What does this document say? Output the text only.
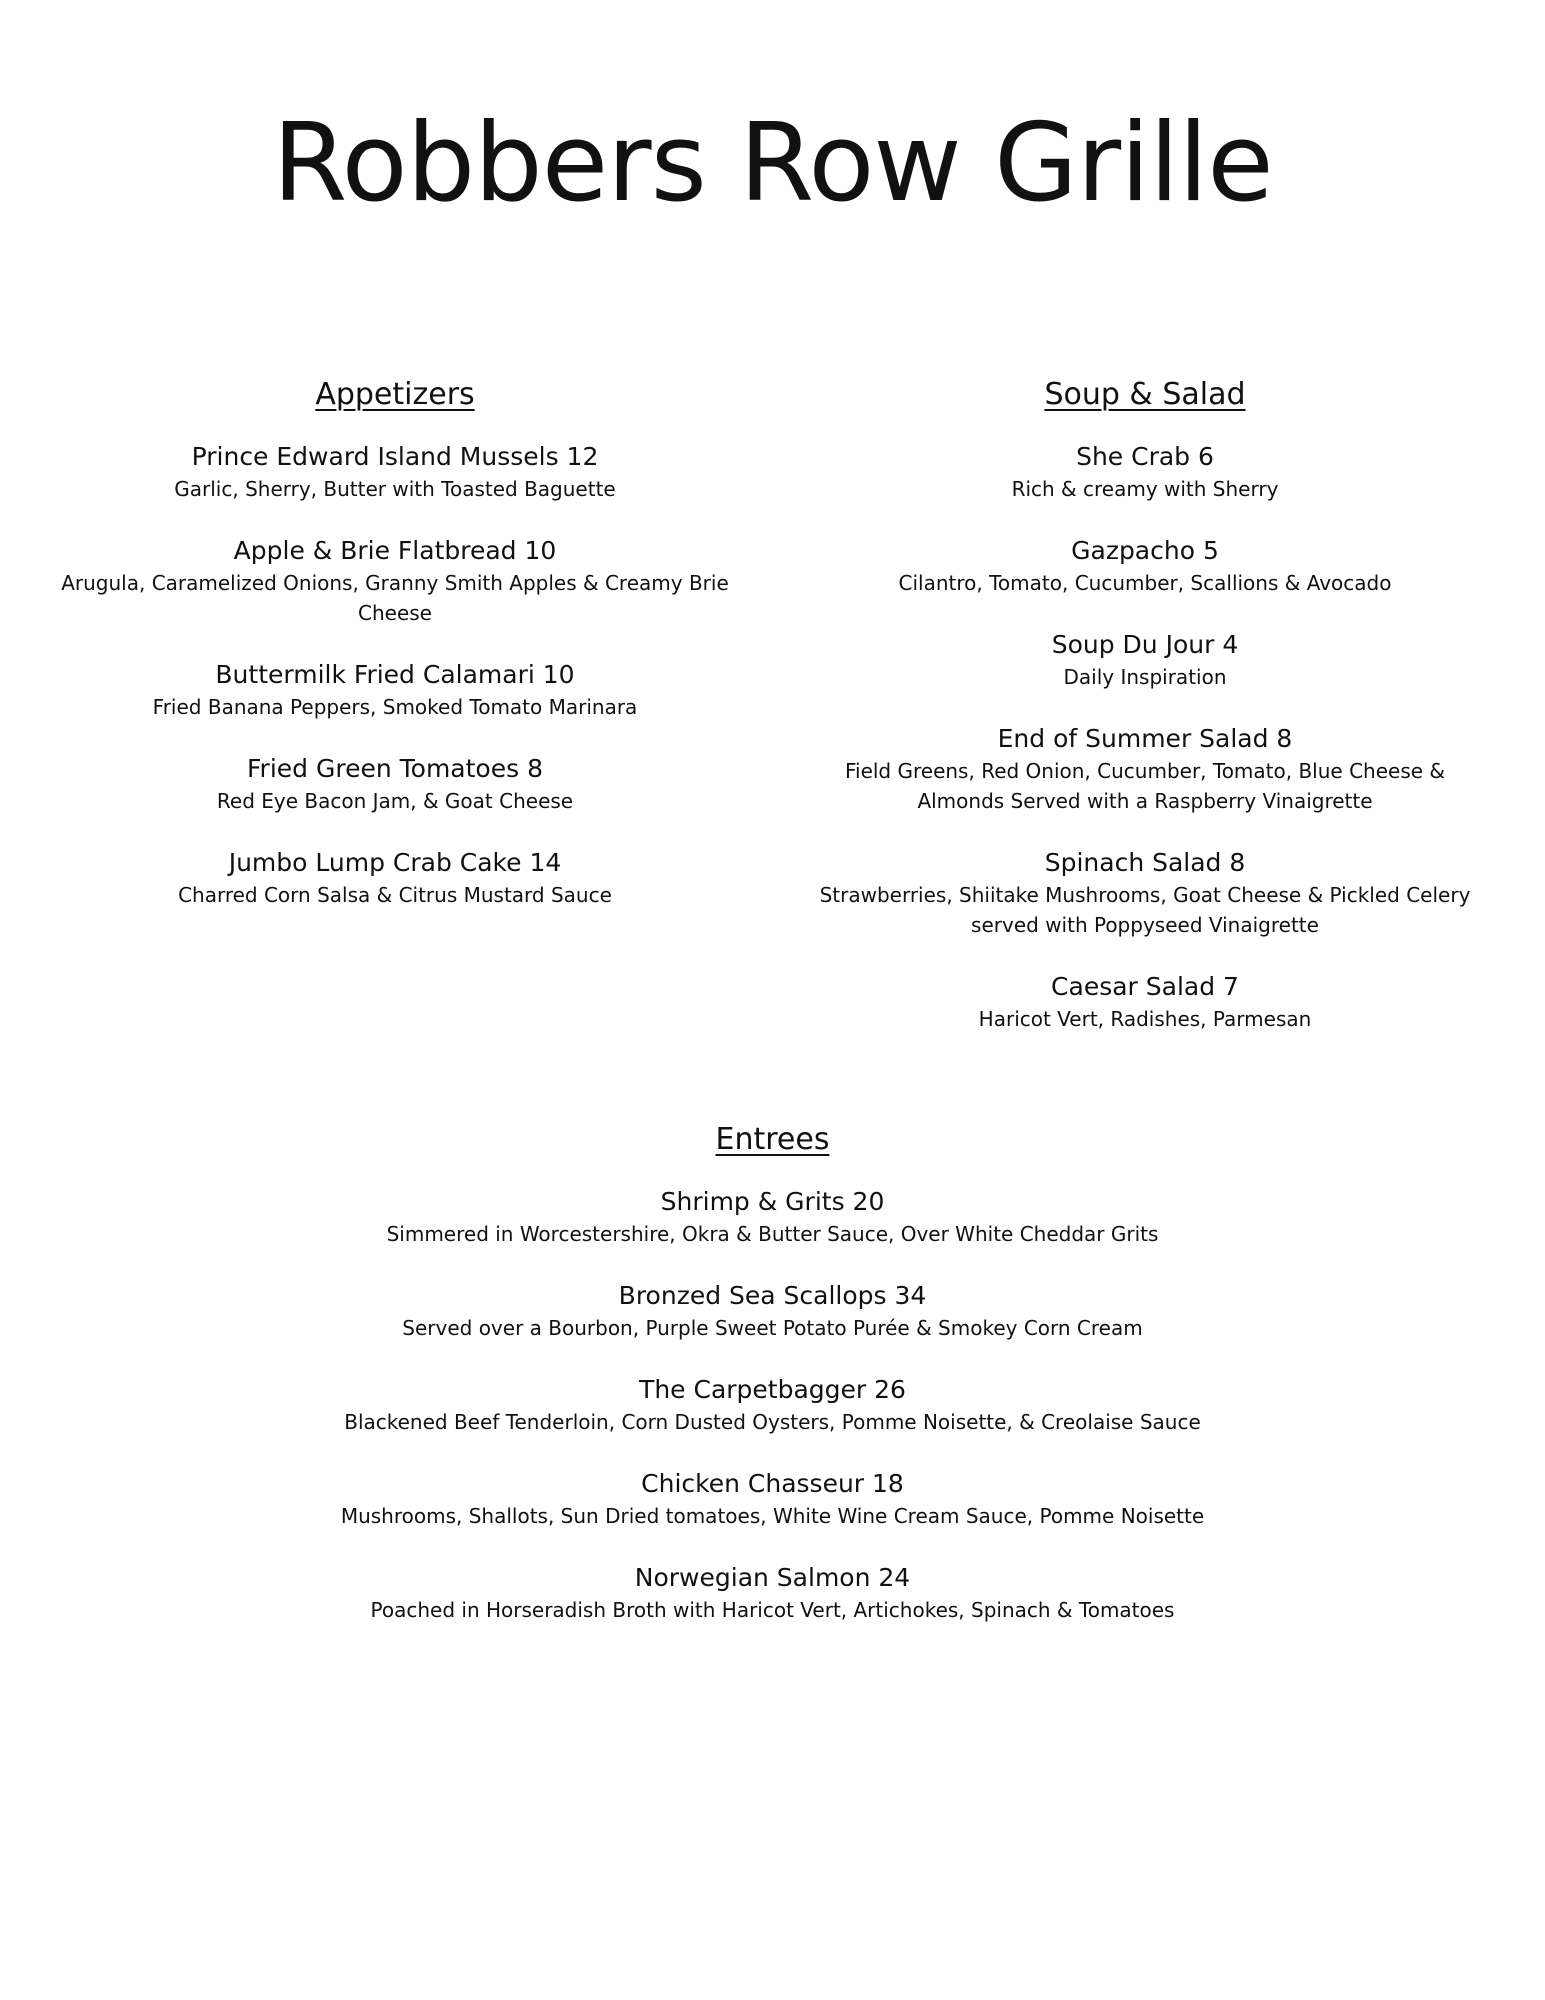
Robbers Row Grille
Appetizers
Prince Edward Island Mussels 12
Garlic, Sherry, Butter with Toasted Baguette
Apple & Brie Flatbread 10
Arugula, Caramelized Onions, Granny Smith Apples & Creamy Brie Cheese
Buttermilk Fried Calamari 10
Fried Banana Peppers, Smoked Tomato Marinara
Fried Green Tomatoes 8
Red Eye Bacon Jam, & Goat Cheese
Jumbo Lump Crab Cake 14
Charred Corn Salsa & Citrus Mustard Sauce
Soup & Salad
She Crab 6
Rich & creamy with Sherry
Gazpacho 5
Cilantro, Tomato, Cucumber, Scallions & Avocado
Soup Du Jour 4
Daily Inspiration
End of Summer Salad 8
Field Greens, Red Onion, Cucumber, Tomato, Blue Cheese & Almonds Served with a Raspberry Vinaigrette
Spinach Salad 8
Strawberries, Shiitake Mushrooms, Goat Cheese & Pickled Celery served with Poppyseed Vinaigrette
Caesar Salad 7
Haricot Vert, Radishes, Parmesan
Entrees
Shrimp & Grits 20
Simmered in Worcestershire, Okra & Butter Sauce, Over White Cheddar Grits
Bronzed Sea Scallops 34
Served over a Bourbon, Purple Sweet Potato Purée & Smokey Corn Cream
The Carpetbagger 26
Blackened Beef Tenderloin, Corn Dusted Oysters, Pomme Noisette, & Creolaise Sauce
Chicken Chasseur 18
Mushrooms, Shallots, Sun Dried tomatoes, White Wine Cream Sauce, Pomme Noisette
Norwegian Salmon 24
Poached in Horseradish Broth with Haricot Vert, Artichokes, Spinach & Tomatoes
